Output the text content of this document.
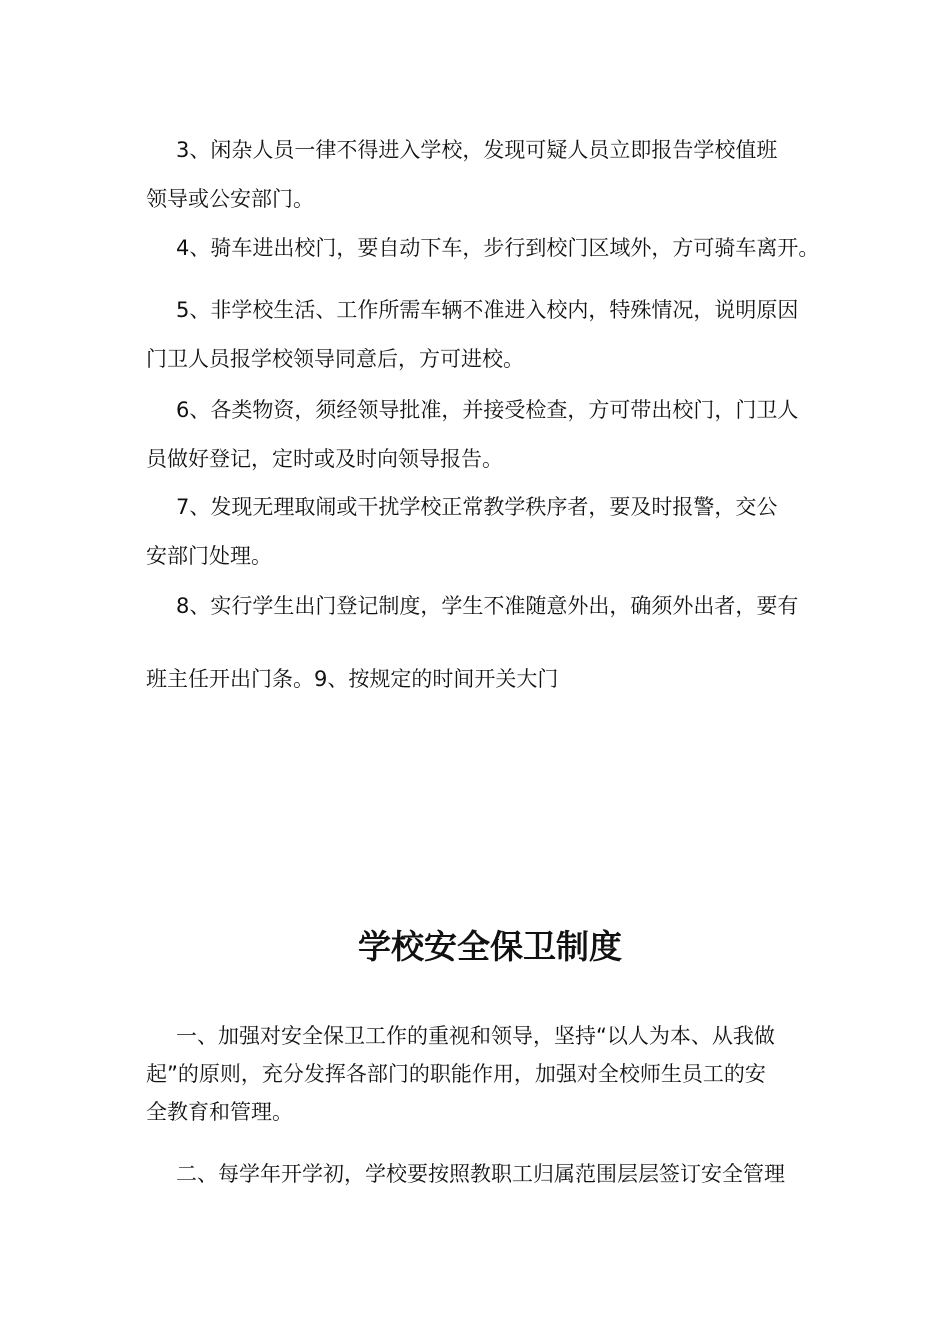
3、闲杂人员一律不得进入学校，发现可疑人员立即报告学校值班

领导或公安部门。

4、骑车进出校门，要自动下车，步行到校门区域外，方可骑车离开。

5、非学校生活、工作所需车辆不准进入校内，特殊情况，说明原因

门卫人员报学校领导同意后，方可进校。

6、各类物资，须经领导批准，并接受检查，方可带出校门，门卫人

员做好登记，定时或及时向领导报告。

7、发现无理取闹或干扰学校正常教学秩序者，要及时报警，交公

安部门处理。

8、实行学生出门登记制度，学生不准随意外出，确须外出者，要有

班主任开出门条。9、按规定的时间开关大门

学校安全保卫制度

一、加强对安全保卫工作的重视和领导，坚持“以人为本、从我做

起”的原则，充分发挥各部门的职能作用，加强对全校师生员工的安

全教育和管理。

二、每学年开学初，学校要按照教职工归属范围层层签订安全管理
